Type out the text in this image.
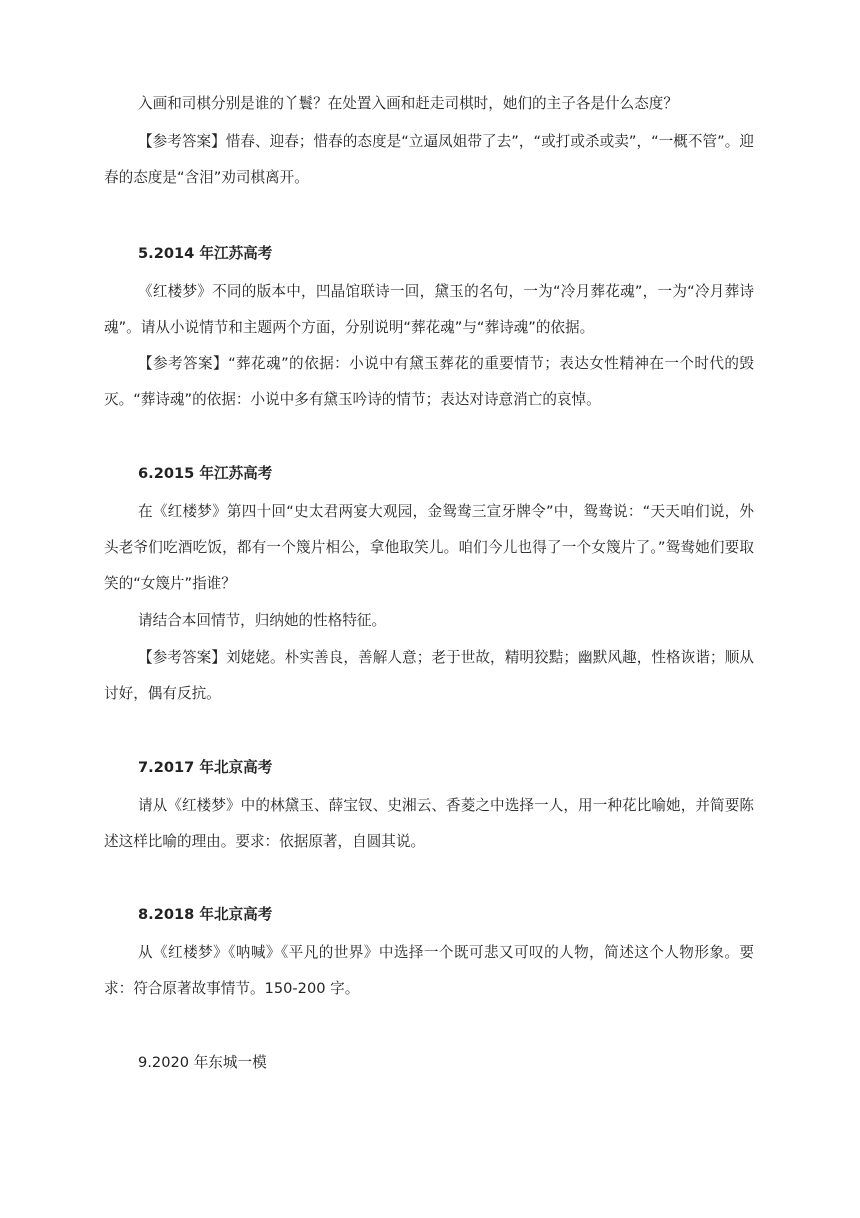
入画和司棋分别是谁的丫鬟？在处置入画和赶走司棋时，她们的主子各是什么态度？

【参考答案】惜春、迎春；惜春的态度是“立逼凤姐带了去”，“或打或杀或卖”，“一概不管”。迎春的态度是“含泪”劝司棋离开。

5.2014 年江苏高考

《红楼梦》不同的版本中，凹晶馆联诗一回，黛玉的名句，一为“冷月葬花魂”，一为“冷月葬诗魂”。请从小说情节和主题两个方面，分别说明“葬花魂”与“葬诗魂”的依据。

【参考答案】“葬花魂”的依据：小说中有黛玉葬花的重要情节；表达女性精神在一个时代的毁灭。“葬诗魂”的依据：小说中多有黛玉吟诗的情节；表达对诗意消亡的哀悼。

6.2015 年江苏高考

在《红楼梦》第四十回“史太君两宴大观园，金鸳鸯三宣牙牌令”中，鸳鸯说：“天天咱们说，外头老爷们吃酒吃饭，都有一个篾片相公，拿他取笑儿。咱们今儿也得了一个女篾片了。”鸳鸯她们要取笑的“女篾片”指谁？

请结合本回情节，归纳她的性格特征。

【参考答案】刘姥姥。朴实善良，善解人意；老于世故，精明狡黠；幽默风趣，性格诙谐；顺从讨好，偶有反抗。

7.2017 年北京高考

请从《红楼梦》中的林黛玉、薛宝钗、史湘云、香菱之中选择一人，用一种花比喻她，并简要陈述这样比喻的理由。要求：依据原著，自圆其说。

8.2018 年北京高考

从《红楼梦》《呐喊》《平凡的世界》中选择一个既可悲又可叹的人物，简述这个人物形象。要求：符合原著故事情节。150-200 字。

9.2020 年东城一模
